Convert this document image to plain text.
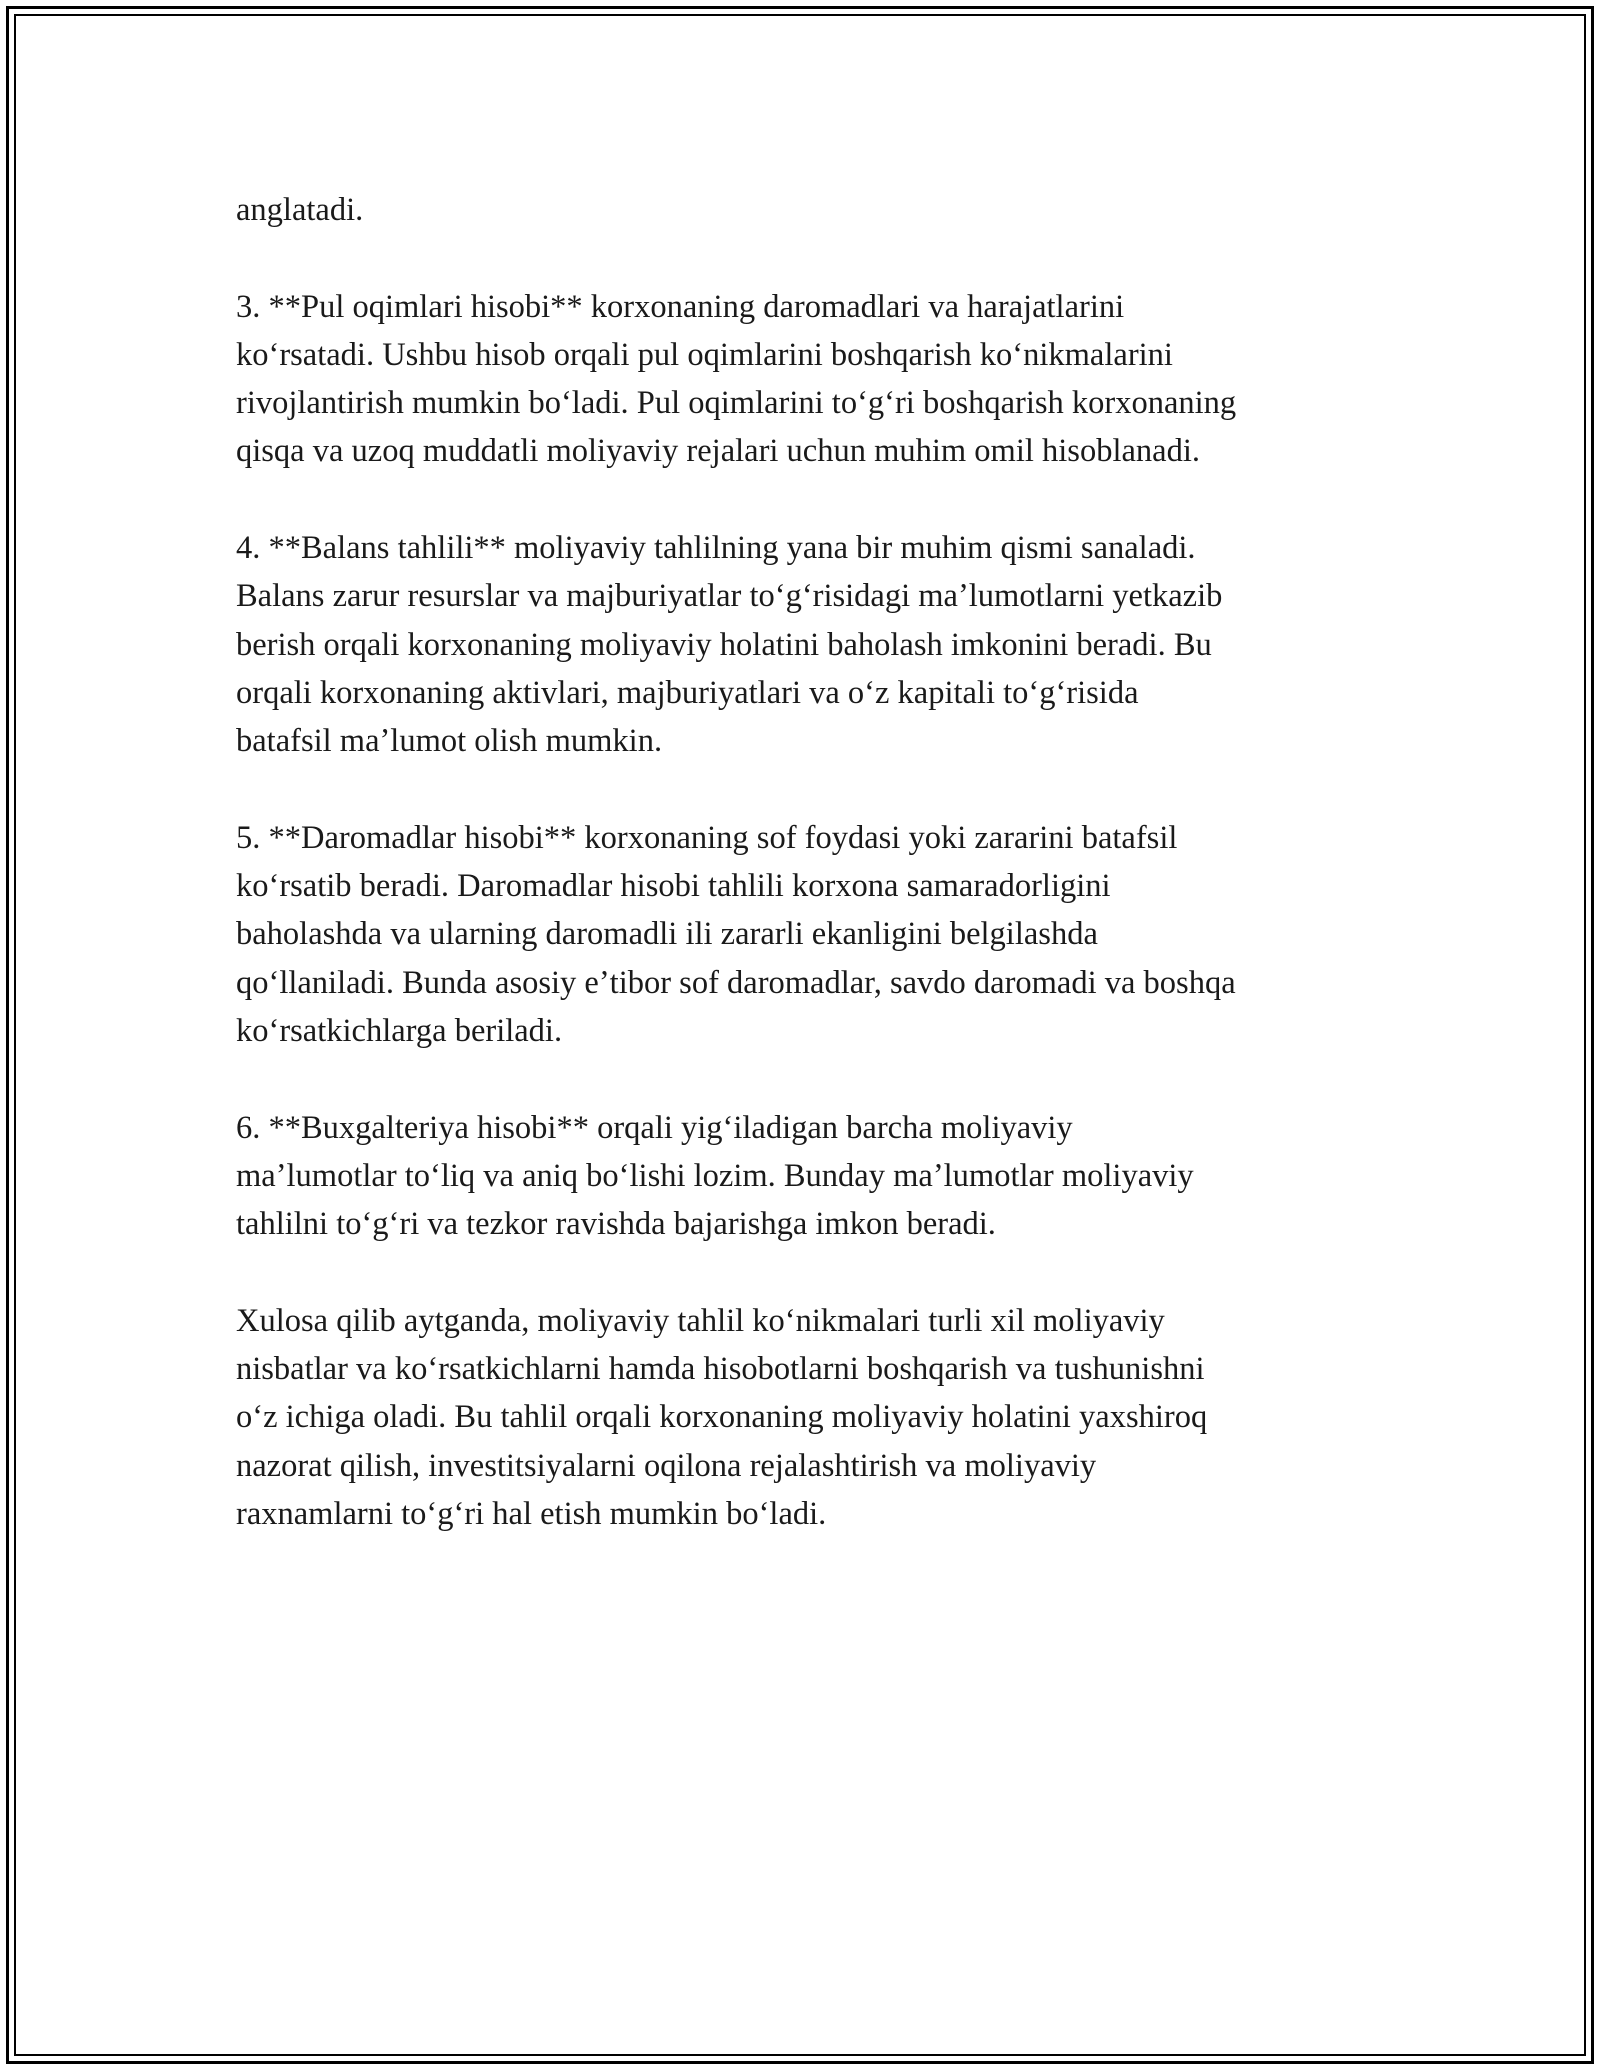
anglatadi.

3. **Pul oqimlari hisobi** korxonaning daromadlari va harajatlarini
koʻrsatadi. Ushbu hisob orqali pul oqimlarini boshqarish koʻnikmalarini
rivojlantirish mumkin boʻladi. Pul oqimlarini toʻgʻri boshqarish korxonaning
qisqa va uzoq muddatli moliyaviy rejalari uchun muhim omil hisoblanadi.

4. **Balans tahlili** moliyaviy tahlilning yana bir muhim qismi sanaladi.
Balans zarur resurslar va majburiyatlar toʻgʻrisidagi maʼlumotlarni yetkazib
berish orqali korxonaning moliyaviy holatini baholash imkonini beradi. Bu
orqali korxonaning aktivlari, majburiyatlari va oʻz kapitali toʻgʻrisida
batafsil maʼlumot olish mumkin.

5. **Daromadlar hisobi** korxonaning sof foydasi yoki zararini batafsil
koʻrsatib beradi. Daromadlar hisobi tahlili korxona samaradorligini
baholashda va ularning daromadli ili zararli ekanligini belgilashda
qoʻllaniladi. Bunda asosiy eʼtibor sof daromadlar, savdo daromadi va boshqa
koʻrsatkichlarga beriladi.

6. **Buxgalteriya hisobi** orqali yigʻiladigan barcha moliyaviy
maʼlumotlar toʻliq va aniq boʻlishi lozim. Bunday maʼlumotlar moliyaviy
tahlilni toʻgʻri va tezkor ravishda bajarishga imkon beradi.

Xulosa qilib aytganda, moliyaviy tahlil koʻnikmalari turli xil moliyaviy
nisbatlar va koʻrsatkichlarni hamda hisobotlarni boshqarish va tushunishni
oʻz ichiga oladi. Bu tahlil orqali korxonaning moliyaviy holatini yaxshiroq
nazorat qilish, investitsiyalarni oqilona rejalashtirish va moliyaviy
raxnamlarni toʻgʻri hal etish mumkin boʻladi.
